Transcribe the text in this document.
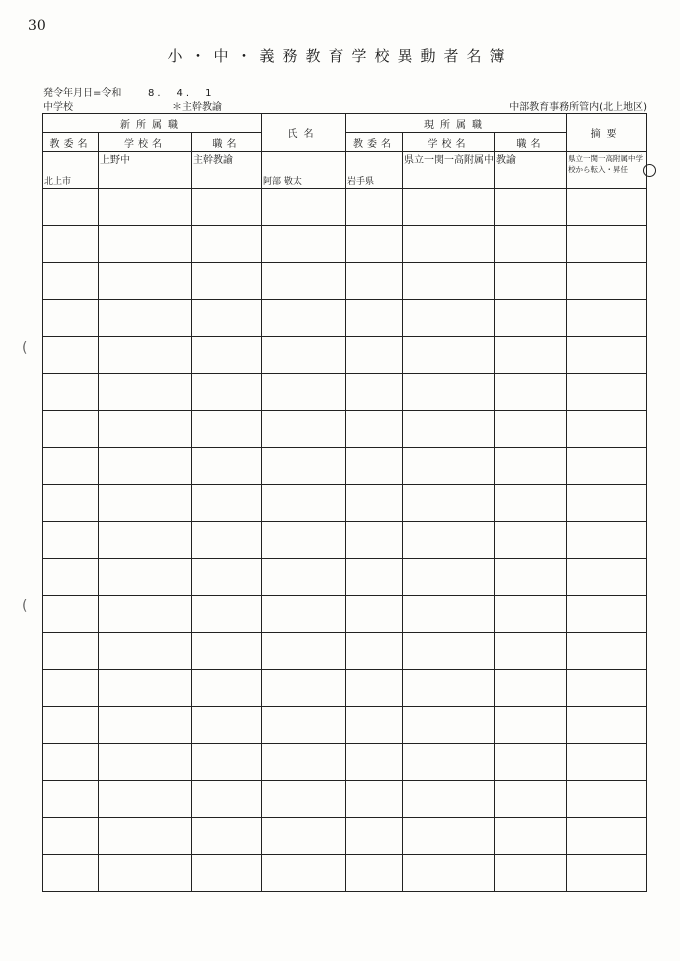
30
小・中・義務教育学校異動者名簿
発令年月日=令和	8.　4.　1
中学校	＊主幹教諭	中部教育事務所管内(北上地区)
新所属職			氏名	現所属職			摘要
教委名	学校名	職名		教委名	学校名	職名	

北上市	上野中	主幹教諭	阿部 敬太	岩手県	県立一関一高附属中	教諭	県立一関一高附属中学校から転入・昇任

(
(
